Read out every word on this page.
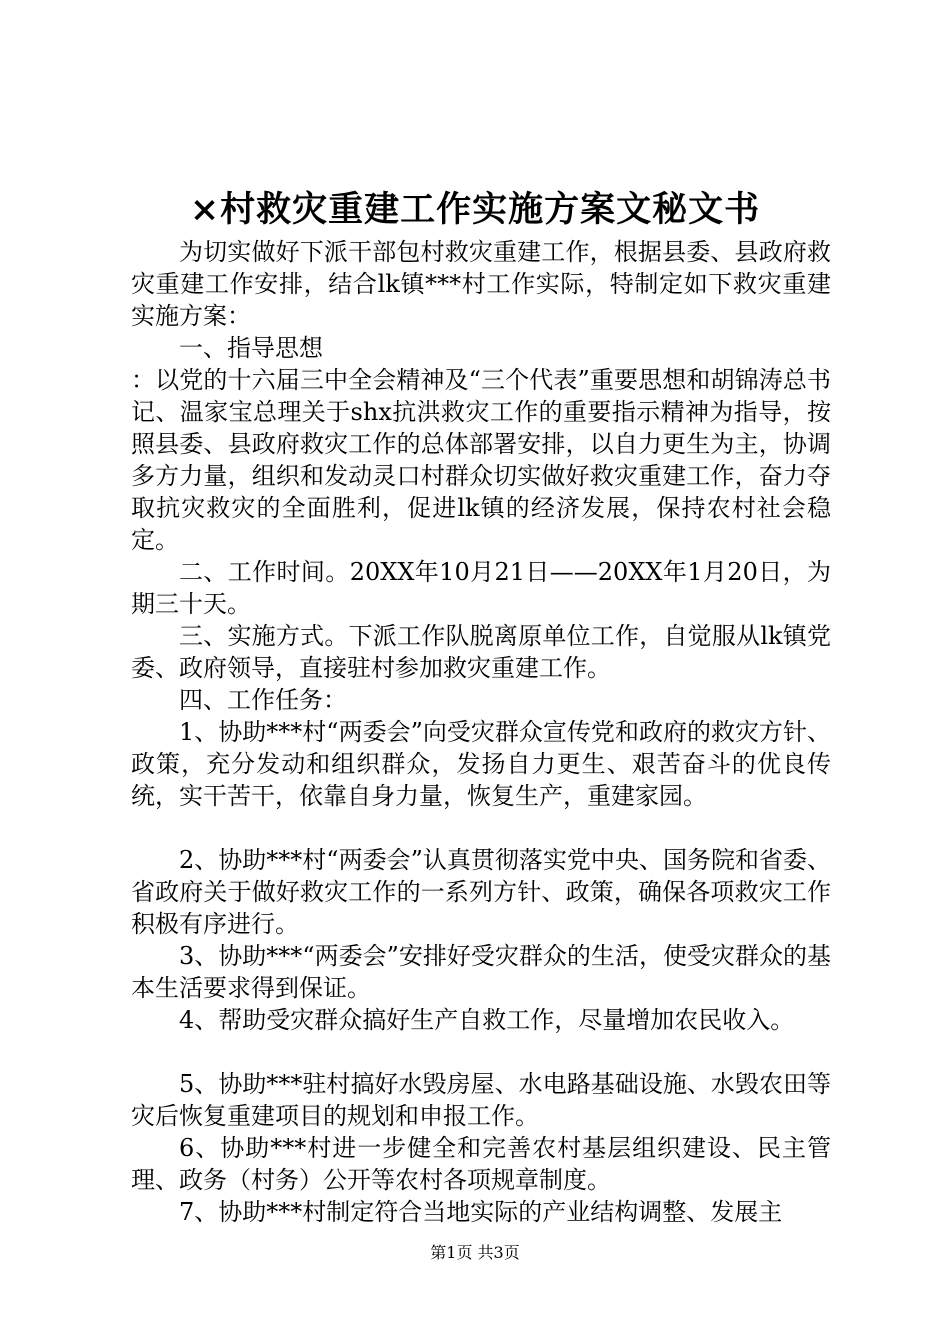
×村救灾重建工作实施方案文秘文书

为切实做好下派干部包村救灾重建工作，根据县委、县政府救灾重建工作安排，结合lk镇***村工作实际，特制定如下救灾重建实施方案：

一、指导思想

：以党的十六届三中全会精神及“三个代表”重要思想和胡锦涛总书记、温家宝总理关于shx抗洪救灾工作的重要指示精神为指导，按照县委、县政府救灾工作的总体部署安排，以自力更生为主，协调多方力量，组织和发动灵口村群众切实做好救灾重建工作，奋力夺取抗灾救灾的全面胜利，促进lk镇的经济发展，保持农村社会稳定。

二、工作时间。20XX年10月21日——20XX年1月20日，为期三十天。

三、实施方式。下派工作队脱离原单位工作，自觉服从lk镇党委、政府领导，直接驻村参加救灾重建工作。

四、工作任务：

1、协助***村“两委会”向受灾群众宣传党和政府的救灾方针、政策，充分发动和组织群众，发扬自力更生、艰苦奋斗的优良传统，实干苦干，依靠自身力量，恢复生产，重建家园。

2、协助***村“两委会”认真贯彻落实党中央、国务院和省委、省政府关于做好救灾工作的一系列方针、政策，确保各项救灾工作积极有序进行。

3、协助***“两委会”安排好受灾群众的生活，使受灾群众的基本生活要求得到保证。

4、帮助受灾群众搞好生产自救工作，尽量增加农民收入。

5、协助***驻村搞好水毁房屋、水电路基础设施、水毁农田等灾后恢复重建项目的规划和申报工作。

6、协助***村进一步健全和完善农村基层组织建设、民主管理、政务（村务）公开等农村各项规章制度。

7、协助***村制定符合当地实际的产业结构调整、发展主

第1页 共3页
